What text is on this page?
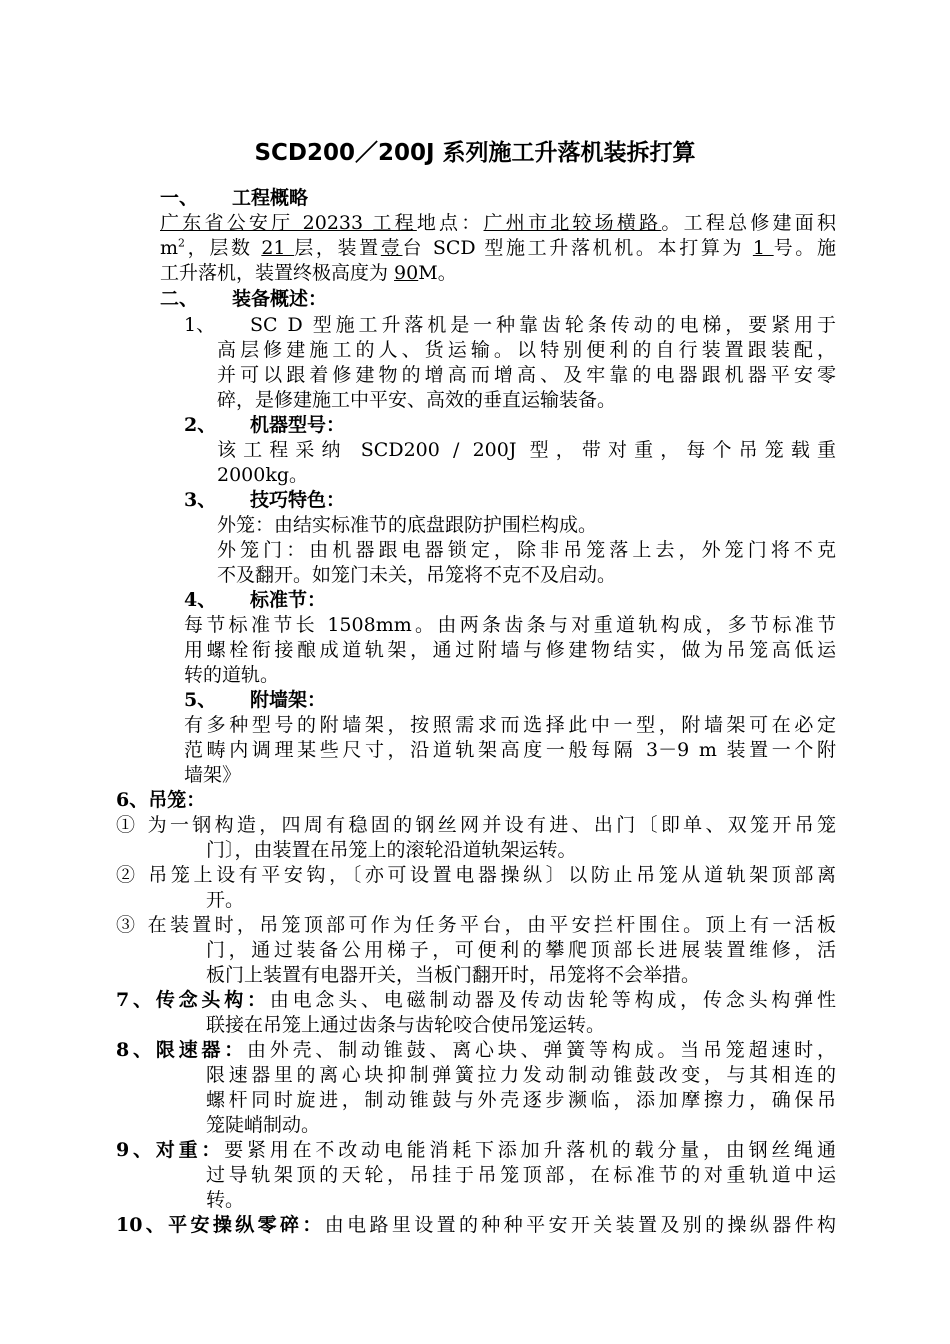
SCD200／200J 系列施工升落机装拆打算
一、 工程概略
广东省公安厅 20233 工程地点：广州市北较场横路。工程总修建面积
$m^2$，层数 21 层，装置壹台 SCD 型施工升落机机。本打算为 1 号。施
工升落机，装置终极高度为 90M。
二、 装备概述：
1、 SC D 型施工升落机是一种靠齿轮条传动的电梯，要紧用于
高层修建施工的人、货运输。以特别便利的自行装置跟装配，
并可以跟着修建物的增高而增高、及牢靠的电器跟机器平安零
碎，是修建施工中平安、高效的垂直运输装备。
2、 机器型号：
该工程采纳 SCD200 / 200J 型，带对重，每个吊笼载重
2000kg。
3、 技巧特色：
外笼：由结实标准节的底盘跟防护围栏构成。
外笼门：由机器跟电器锁定，除非吊笼落上去，外笼门将不克
不及翻开。如笼门未关，吊笼将不克不及启动。
4、 标准节：
每节标准节长 1508mm。由两条齿条与对重道轨构成，多节标准节
用螺栓衔接酿成道轨架，通过附墙与修建物结实，做为吊笼高低运
转的道轨。
5、 附墙架：
有多种型号的附墙架，按照需求而选择此中一型，附墙架可在必定
范畴内调理某些尺寸，沿道轨架高度一般每隔 3－9 m 装置一个附
墙架》
6、吊笼：
① 为一钢构造，四周有稳固的钢丝网并设有进、出门〔即单、双笼开吊笼
门〕，由装置在吊笼上的滚轮沿道轨架运转。
② 吊笼上设有平安钩，〔亦可设置电器操纵〕以防止吊笼从道轨架顶部离
开。
③ 在装置时，吊笼顶部可作为任务平台，由平安拦杆围住。顶上有一活板
门，通过装备公用梯子，可便利的攀爬顶部长进展装置维修，活
板门上装置有电器开关，当板门翻开时，吊笼将不会举措。
7、传念头构：由电念头、电磁制动器及传动齿轮等构成，传念头构弹性
联接在吊笼上通过齿条与齿轮咬合使吊笼运转。
8、限速器：由外壳、制动锥鼓、离心块、弹簧等构成。当吊笼超速时，
限速器里的离心块抑制弹簧拉力发动制动锥鼓改变，与其相连的
螺杆同时旋进，制动锥鼓与外壳逐步濒临，添加摩擦力，确保吊
笼陡峭制动。
9、对重：要紧用在不改动电能消耗下添加升落机的载分量，由钢丝绳通
过导轨架顶的天轮，吊挂于吊笼顶部，在标准节的对重轨道中运
转。
10、平安操纵零碎：由电路里设置的种种平安开关装置及别的操纵器件构
